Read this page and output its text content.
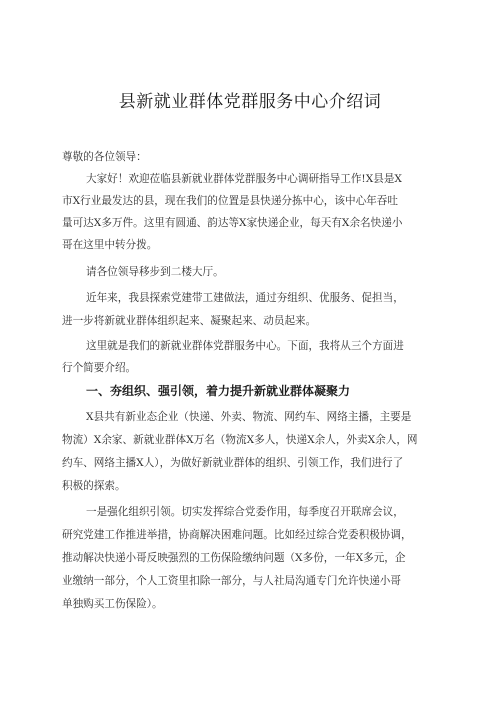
县新就业群体党群服务中心介绍词
尊敬的各位领导：
大家好！欢迎莅临县新就业群体党群服务中心调研指导工作!X县是X
市X行业最发达的县，现在我们的位置是县快递分拣中心，该中心年吞吐
量可达X多万件。这里有圆通、韵达等X家快递企业，每天有X余名快递小
哥在这里中转分拨。
请各位领导移步到二楼大厅。
近年来，我县探索党建带工建做法，通过夯组织、优服务、促担当，
进一步将新就业群体组织起来、凝聚起来、动员起来。
这里就是我们的新就业群体党群服务中心。下面，我将从三个方面进
行个简要介绍。
一、夯组织、强引领，着力提升新就业群体凝聚力
X县共有新业态企业（快递、外卖、物流、网约车、网络主播，主要是
物流）X余家、新就业群体X万名（物流X多人，快递X余人，外卖X余人，网
约车、网络主播X人），为做好新就业群体的组织、引领工作，我们进行了
积极的探索。
一是强化组织引领。切实发挥综合党委作用，每季度召开联席会议，
研究党建工作推进举措，协商解决困难问题。比如经过综合党委积极协调，
推动解决快递小哥反映强烈的工伤保险缴纳问题（X多份，一年X多元，企
业缴纳一部分，个人工资里扣除一部分，与人社局沟通专门允许快递小哥
单独购买工伤保险）。
